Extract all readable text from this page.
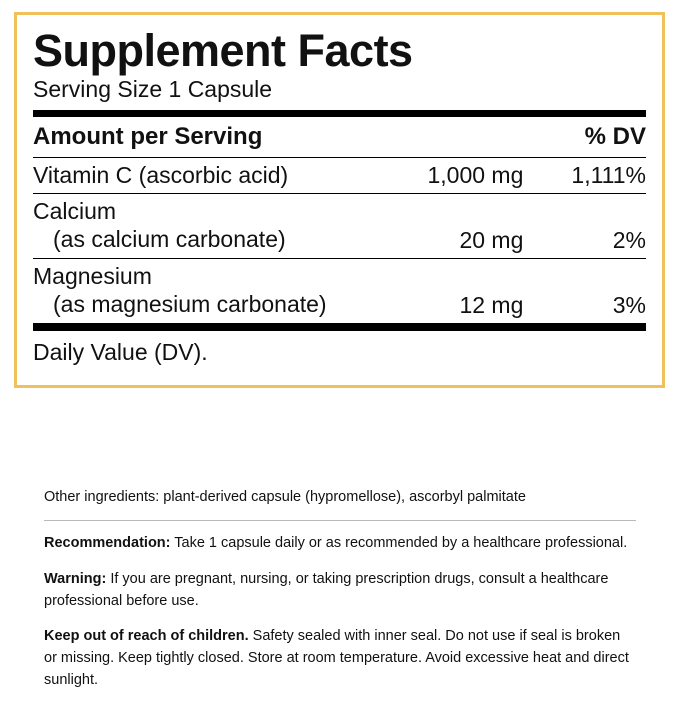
Supplement Facts
Serving Size 1 Capsule
Amount per Serving		% DV

Vitamin C (ascorbic acid)	1,000 mg	1,111%

Calcium
(as calcium carbonate)	20 mg	2%

Magnesium
(as magnesium carbonate)	12 mg	3%
Daily Value (DV).

Other ingredients: plant-derived capsule (hypromellose), ascorbyl palmitate

Recommendation: Take 1 capsule daily or as recommended by a healthcare professional.

Warning: If you are pregnant, nursing, or taking prescription drugs, consult a healthcare professional before use.

Keep out of reach of children. Safety sealed with inner seal. Do not use if seal is broken or missing. Keep tightly closed. Store at room temperature. Avoid excessive heat and direct sunlight.
